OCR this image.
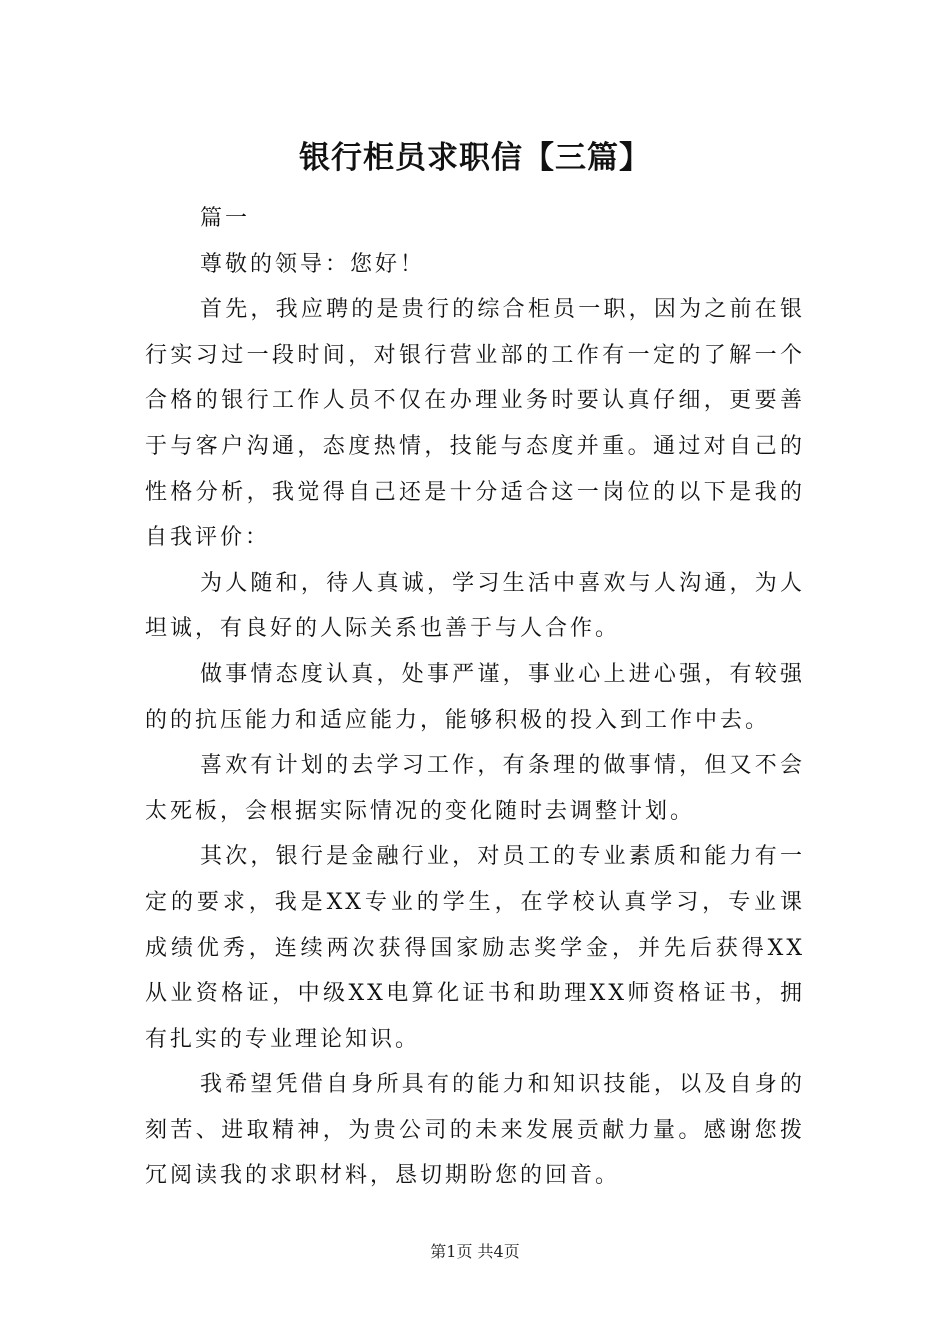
银行柜员求职信【三篇】

篇一

尊敬的领导：您好！

首先，我应聘的是贵行的综合柜员一职，因为之前在银行实习过一段时间，对银行营业部的工作有一定的了解一个合格的银行工作人员不仅在办理业务时要认真仔细，更要善于与客户沟通，态度热情，技能与态度并重。通过对自己的性格分析，我觉得自己还是十分适合这一岗位的以下是我的自我评价：

为人随和，待人真诚，学习生活中喜欢与人沟通，为人坦诚，有良好的人际关系也善于与人合作。

做事情态度认真，处事严谨，事业心上进心强，有较强的的抗压能力和适应能力，能够积极的投入到工作中去。

喜欢有计划的去学习工作，有条理的做事情，但又不会太死板，会根据实际情况的变化随时去调整计划。

其次，银行是金融行业，对员工的专业素质和能力有一定的要求，我是XX专业的学生，在学校认真学习，专业课成绩优秀，连续两次获得国家励志奖学金，并先后获得XX从业资格证，中级XX电算化证书和助理XX师资格证书，拥有扎实的专业理论知识。

我希望凭借自身所具有的能力和知识技能，以及自身的刻苦、进取精神，为贵公司的未来发展贡献力量。感谢您拨冗阅读我的求职材料，恳切期盼您的回音。

第1页 共4页
